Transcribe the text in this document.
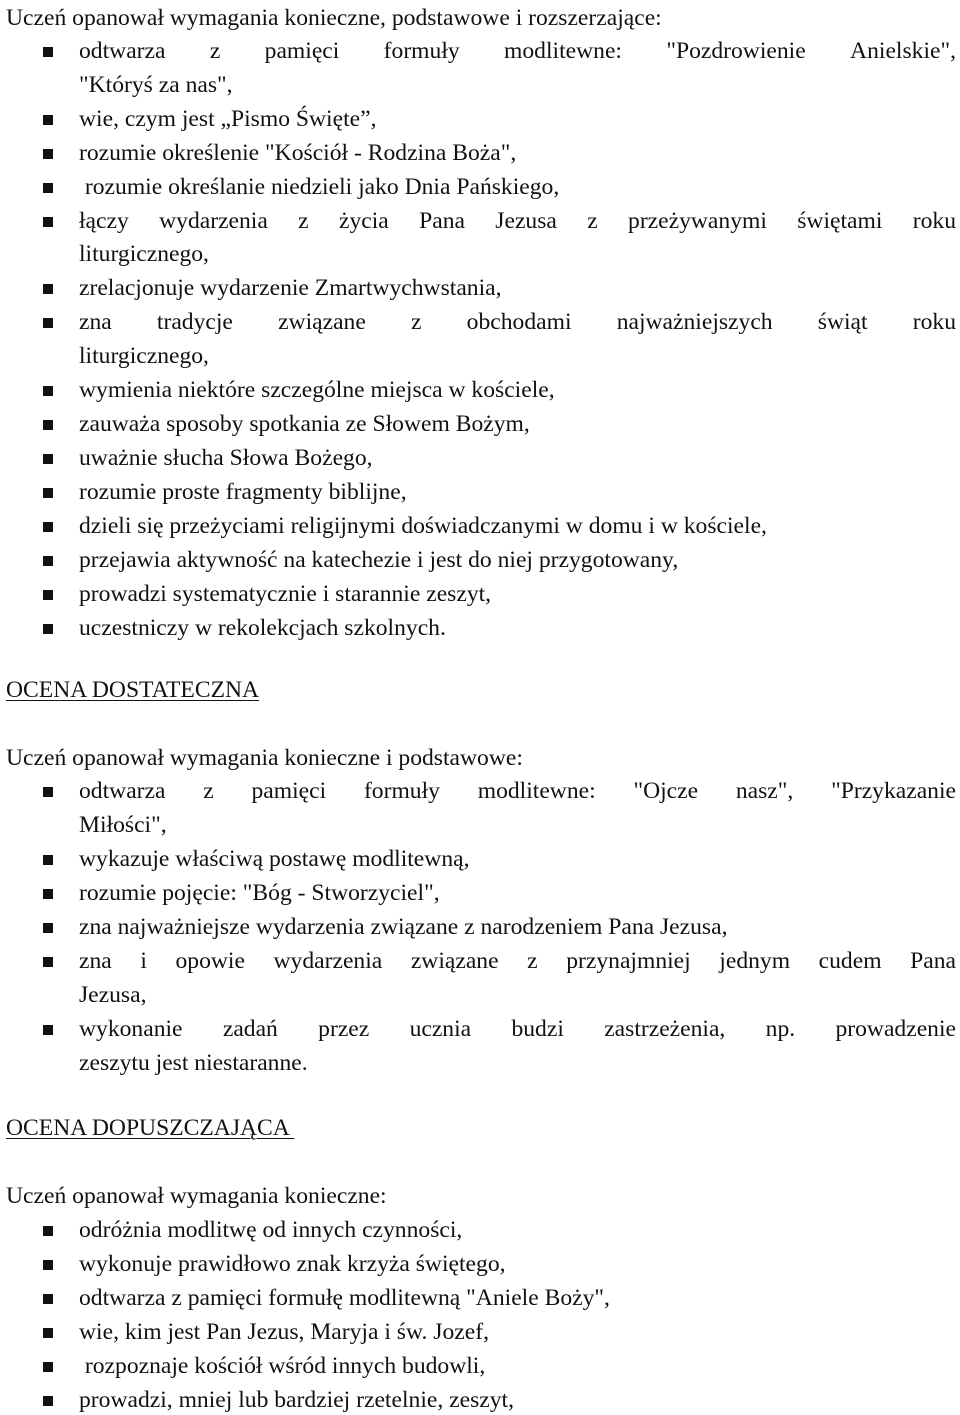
Uczeń opanował wymagania konieczne, podstawowe i rozszerzające:
odtwarza z pamięci formuły modlitewne: "Pozdrowienie Anielskie",
"Któryś za nas",
wie, czym jest „Pismo Święte”,
rozumie określenie "Kościół - Rodzina Boża",
rozumie określanie niedzieli jako Dnia Pańskiego,
łączy wydarzenia z życia Pana Jezusa z przeżywanymi świętami roku
liturgicznego,
zrelacjonuje wydarzenie Zmartwychwstania,
zna tradycje związane z obchodami najważniejszych świąt roku
liturgicznego,
wymienia niektóre szczególne miejsca w kościele,
zauważa sposoby spotkania ze Słowem Bożym,
uważnie słucha Słowa Bożego,
rozumie proste fragmenty biblijne,
dzieli się przeżyciami religijnymi doświadczanymi w domu i w kościele,
przejawia aktywność na katechezie i jest do niej przygotowany,
prowadzi systematycznie i starannie zeszyt,
uczestniczy w rekolekcjach szkolnych.
OCENA DOSTATECZNA
Uczeń opanował wymagania konieczne i podstawowe:
odtwarza z pamięci formuły modlitewne: "Ojcze nasz", "Przykazanie
Miłości",
wykazuje właściwą postawę modlitewną,
rozumie pojęcie: "Bóg - Stworzyciel",
zna najważniejsze wydarzenia związane z narodzeniem Pana Jezusa,
zna i opowie wydarzenia związane z przynajmniej jednym cudem Pana
Jezusa,
wykonanie zadań przez ucznia budzi zastrzeżenia, np. prowadzenie
zeszytu jest niestaranne.
OCENA DOPUSZCZAJĄCA
Uczeń opanował wymagania konieczne:
odróżnia modlitwę od innych czynności,
wykonuje prawidłowo znak krzyża świętego,
odtwarza z pamięci formułę modlitewną "Aniele Boży",
wie, kim jest Pan Jezus, Maryja i św. Jozef,
rozpoznaje kościół wśród innych budowli,
prowadzi, mniej lub bardziej rzetelnie, zeszyt,
